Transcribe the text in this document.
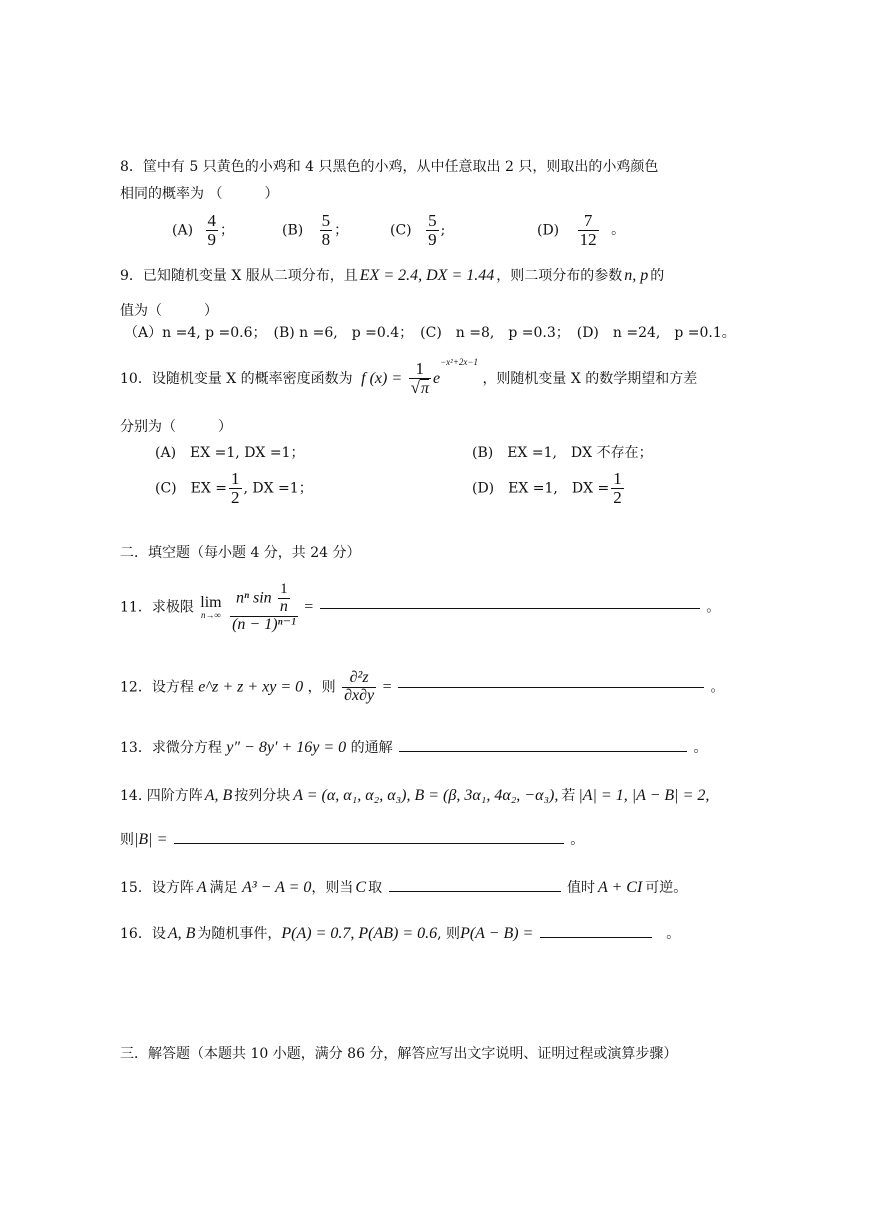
8．筐中有 5 只黄色的小鸡和 4 只黑色的小鸡，从中任意取出 2 只，则取出的小鸡颜色
相同的概率为 （　　　）
$(A) \frac{4}{9}$ ；	$(B) \frac{5}{8}$ ；	$(C) \frac{5}{9}$ ;	$(D) \frac{7}{12}$ 。
9．已知随机变量 X 服从二项分布，且 EX = 2.4, DX = 1.44 ，则二项分布的参数 n, p 的
值为（　　　）
（A）n =4, p =0.6；　(B) n =6,　p =0.4；　(C)　n =8,　p =0.3；　(D)　n =24,　p =0.1。
10．设随机变量 X 的概率密度函数为 f $(x) = \frac{1}{√\pi} e^{-x^2+2x-1}$ ，则随机变量 X 的数学期望和方差
分别为（　　　）
(A)　EX =1, DX =1；	(B)　EX =1,　DX 不存在；
(C)　EX = $\frac{1}{2}$ , DX =1；	(D)　EX =1,　DX = $\frac{1}{2}$
二．填空题（每小题 4 分，共 24 分）
11．求极限 lim
n→∞
$\frac{n^n \sin \frac{1}{n}}{\text{(n − 1)ⁿ⁻¹}}$ =	。
12．设方程 e^z + z + xy = 0 ，则 $\frac{\text{∂²z}}{\partial x\partial y}$ =	。
13．求微分方程 y″ − 8y′ + 16y = 0 的通解	。
14. 四阶方阵 A, B 按列分块 A = (α, α₁, α₂, α₃), B = (β, 3α₁, 4α₂, −α₃), 若 |A| = 1, |A − B| = 2,
则|B| =	。
15．设方阵 A 满足 A³ − A = 0，则当 C 取	值时 A + CI 可逆。
16．设 A, B 为随机事件，P(A) = 0.7, P(AB) = 0.6, 则P(A − B) =	。
三．解答题（本题共 10 小题，满分 86 分，解答应写出文字说明、证明过程或演算步骤）
